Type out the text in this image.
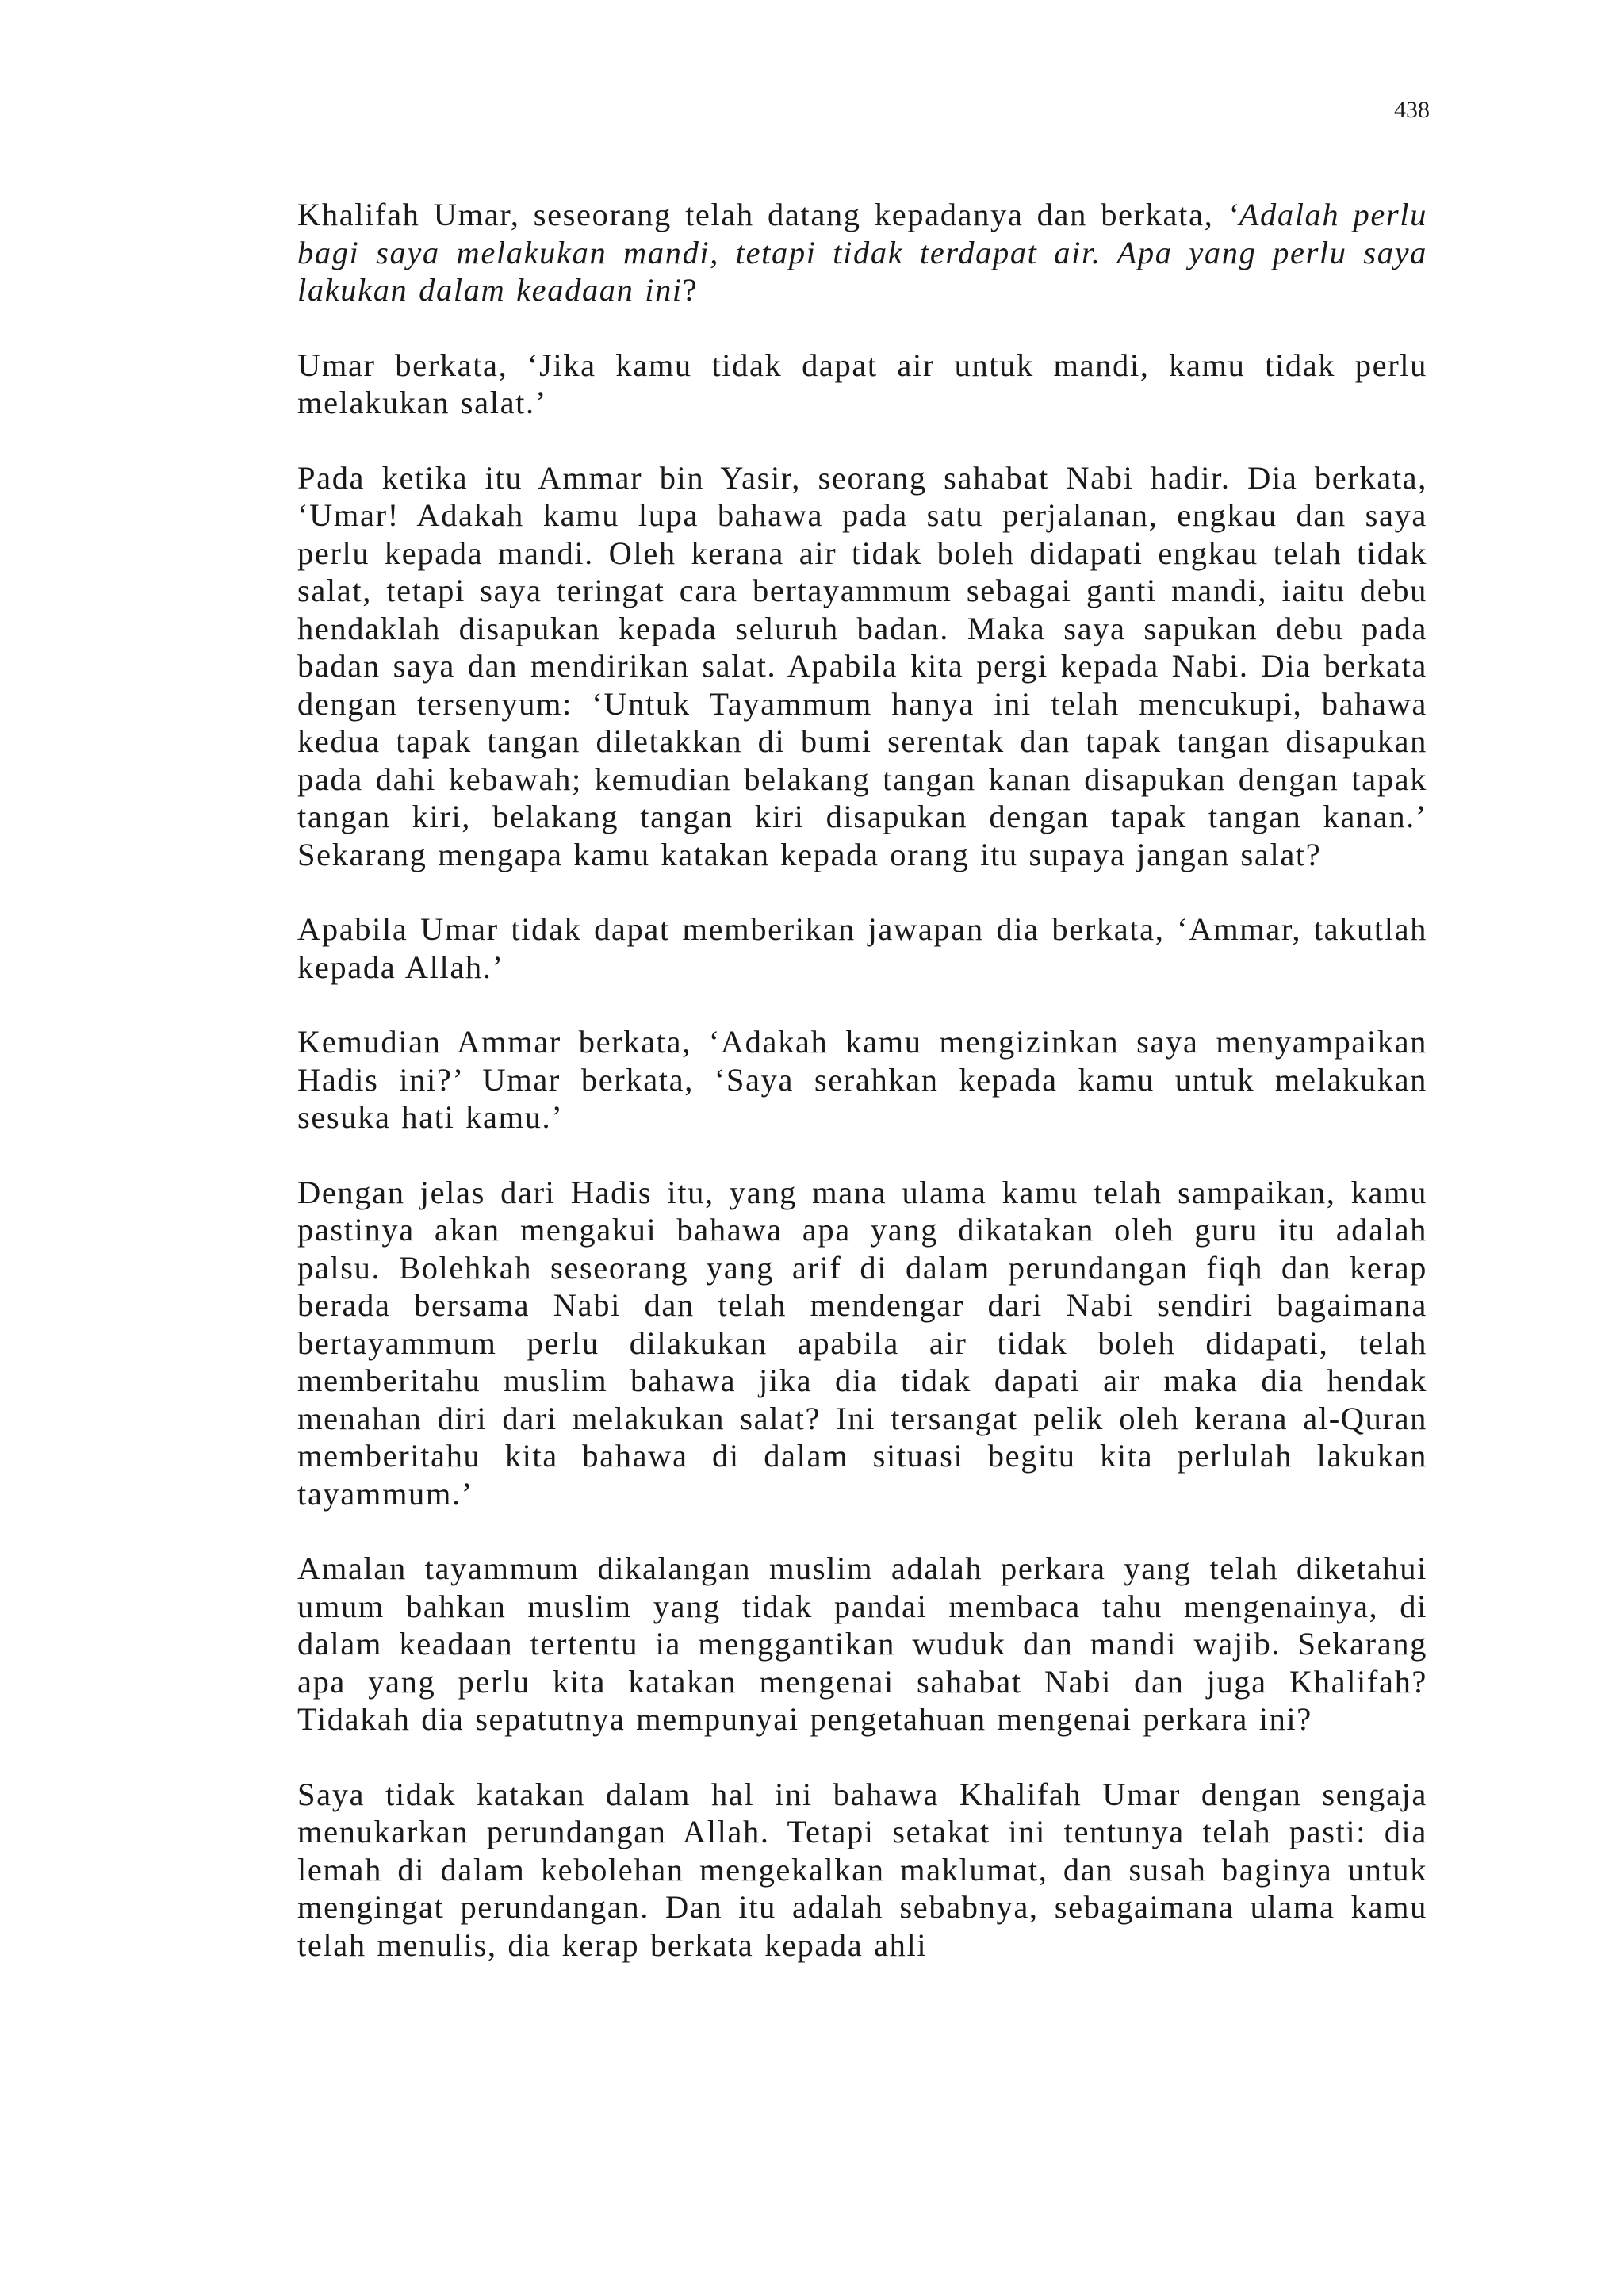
438

Khalifah Umar, seseorang telah datang kepadanya dan berkata, ‘Adalah perlu bagi saya melakukan mandi, tetapi tidak terdapat air. Apa yang perlu saya lakukan dalam keadaan ini?

Umar berkata, ‘Jika kamu tidak dapat air untuk mandi, kamu tidak perlu melakukan salat.’

Pada ketika itu Ammar bin Yasir, seorang sahabat Nabi hadir. Dia berkata, ‘Umar! Adakah kamu lupa bahawa pada satu perjalanan, engkau dan saya perlu kepada mandi. Oleh kerana air tidak boleh didapati engkau telah tidak salat, tetapi saya teringat cara bertayammum sebagai ganti mandi, iaitu debu hendaklah disapukan kepada seluruh badan. Maka saya sapukan debu pada badan saya dan mendirikan salat. Apabila kita pergi kepada Nabi. Dia berkata dengan tersenyum: ‘Untuk Tayammum hanya ini telah mencukupi, bahawa kedua tapak tangan diletakkan di bumi serentak dan tapak tangan disapukan pada dahi kebawah; kemudian belakang tangan kanan disapukan dengan tapak tangan kiri, belakang tangan kiri disapukan dengan tapak tangan kanan.’ Sekarang mengapa kamu katakan kepada orang itu supaya jangan salat?

Apabila Umar tidak dapat memberikan jawapan dia berkata, ‘Ammar, takutlah kepada Allah.’

Kemudian Ammar berkata, ‘Adakah kamu mengizinkan saya menyampaikan Hadis ini?’ Umar berkata, ‘Saya serahkan kepada kamu untuk melakukan sesuka hati kamu.’

Dengan jelas dari Hadis itu, yang mana ulama kamu telah sampaikan, kamu pastinya akan mengakui bahawa apa yang dikatakan oleh guru itu adalah palsu. Bolehkah seseorang yang arif di dalam perundangan fiqh dan kerap berada bersama Nabi dan telah mendengar dari Nabi sendiri bagaimana bertayammum perlu dilakukan apabila air tidak boleh didapati, telah memberitahu muslim bahawa jika dia tidak dapati air maka dia hendak menahan diri dari melakukan salat? Ini tersangat pelik oleh kerana al-Quran memberitahu kita bahawa di dalam situasi begitu kita perlulah lakukan tayammum.’

Amalan tayammum dikalangan muslim adalah perkara yang telah diketahui umum bahkan muslim yang tidak pandai membaca tahu mengenainya, di dalam keadaan tertentu ia menggantikan wuduk dan mandi wajib. Sekarang apa yang perlu kita katakan mengenai sahabat Nabi dan juga Khalifah? Tidakah dia sepatutnya mempunyai pengetahuan mengenai perkara ini?

Saya tidak katakan dalam hal ini bahawa Khalifah Umar dengan sengaja menukarkan perundangan Allah. Tetapi setakat ini tentunya telah pasti: dia lemah di dalam kebolehan mengekalkan maklumat, dan susah baginya untuk mengingat perundangan. Dan itu adalah sebabnya, sebagaimana ulama kamu telah menulis, dia kerap berkata kepada ahli
